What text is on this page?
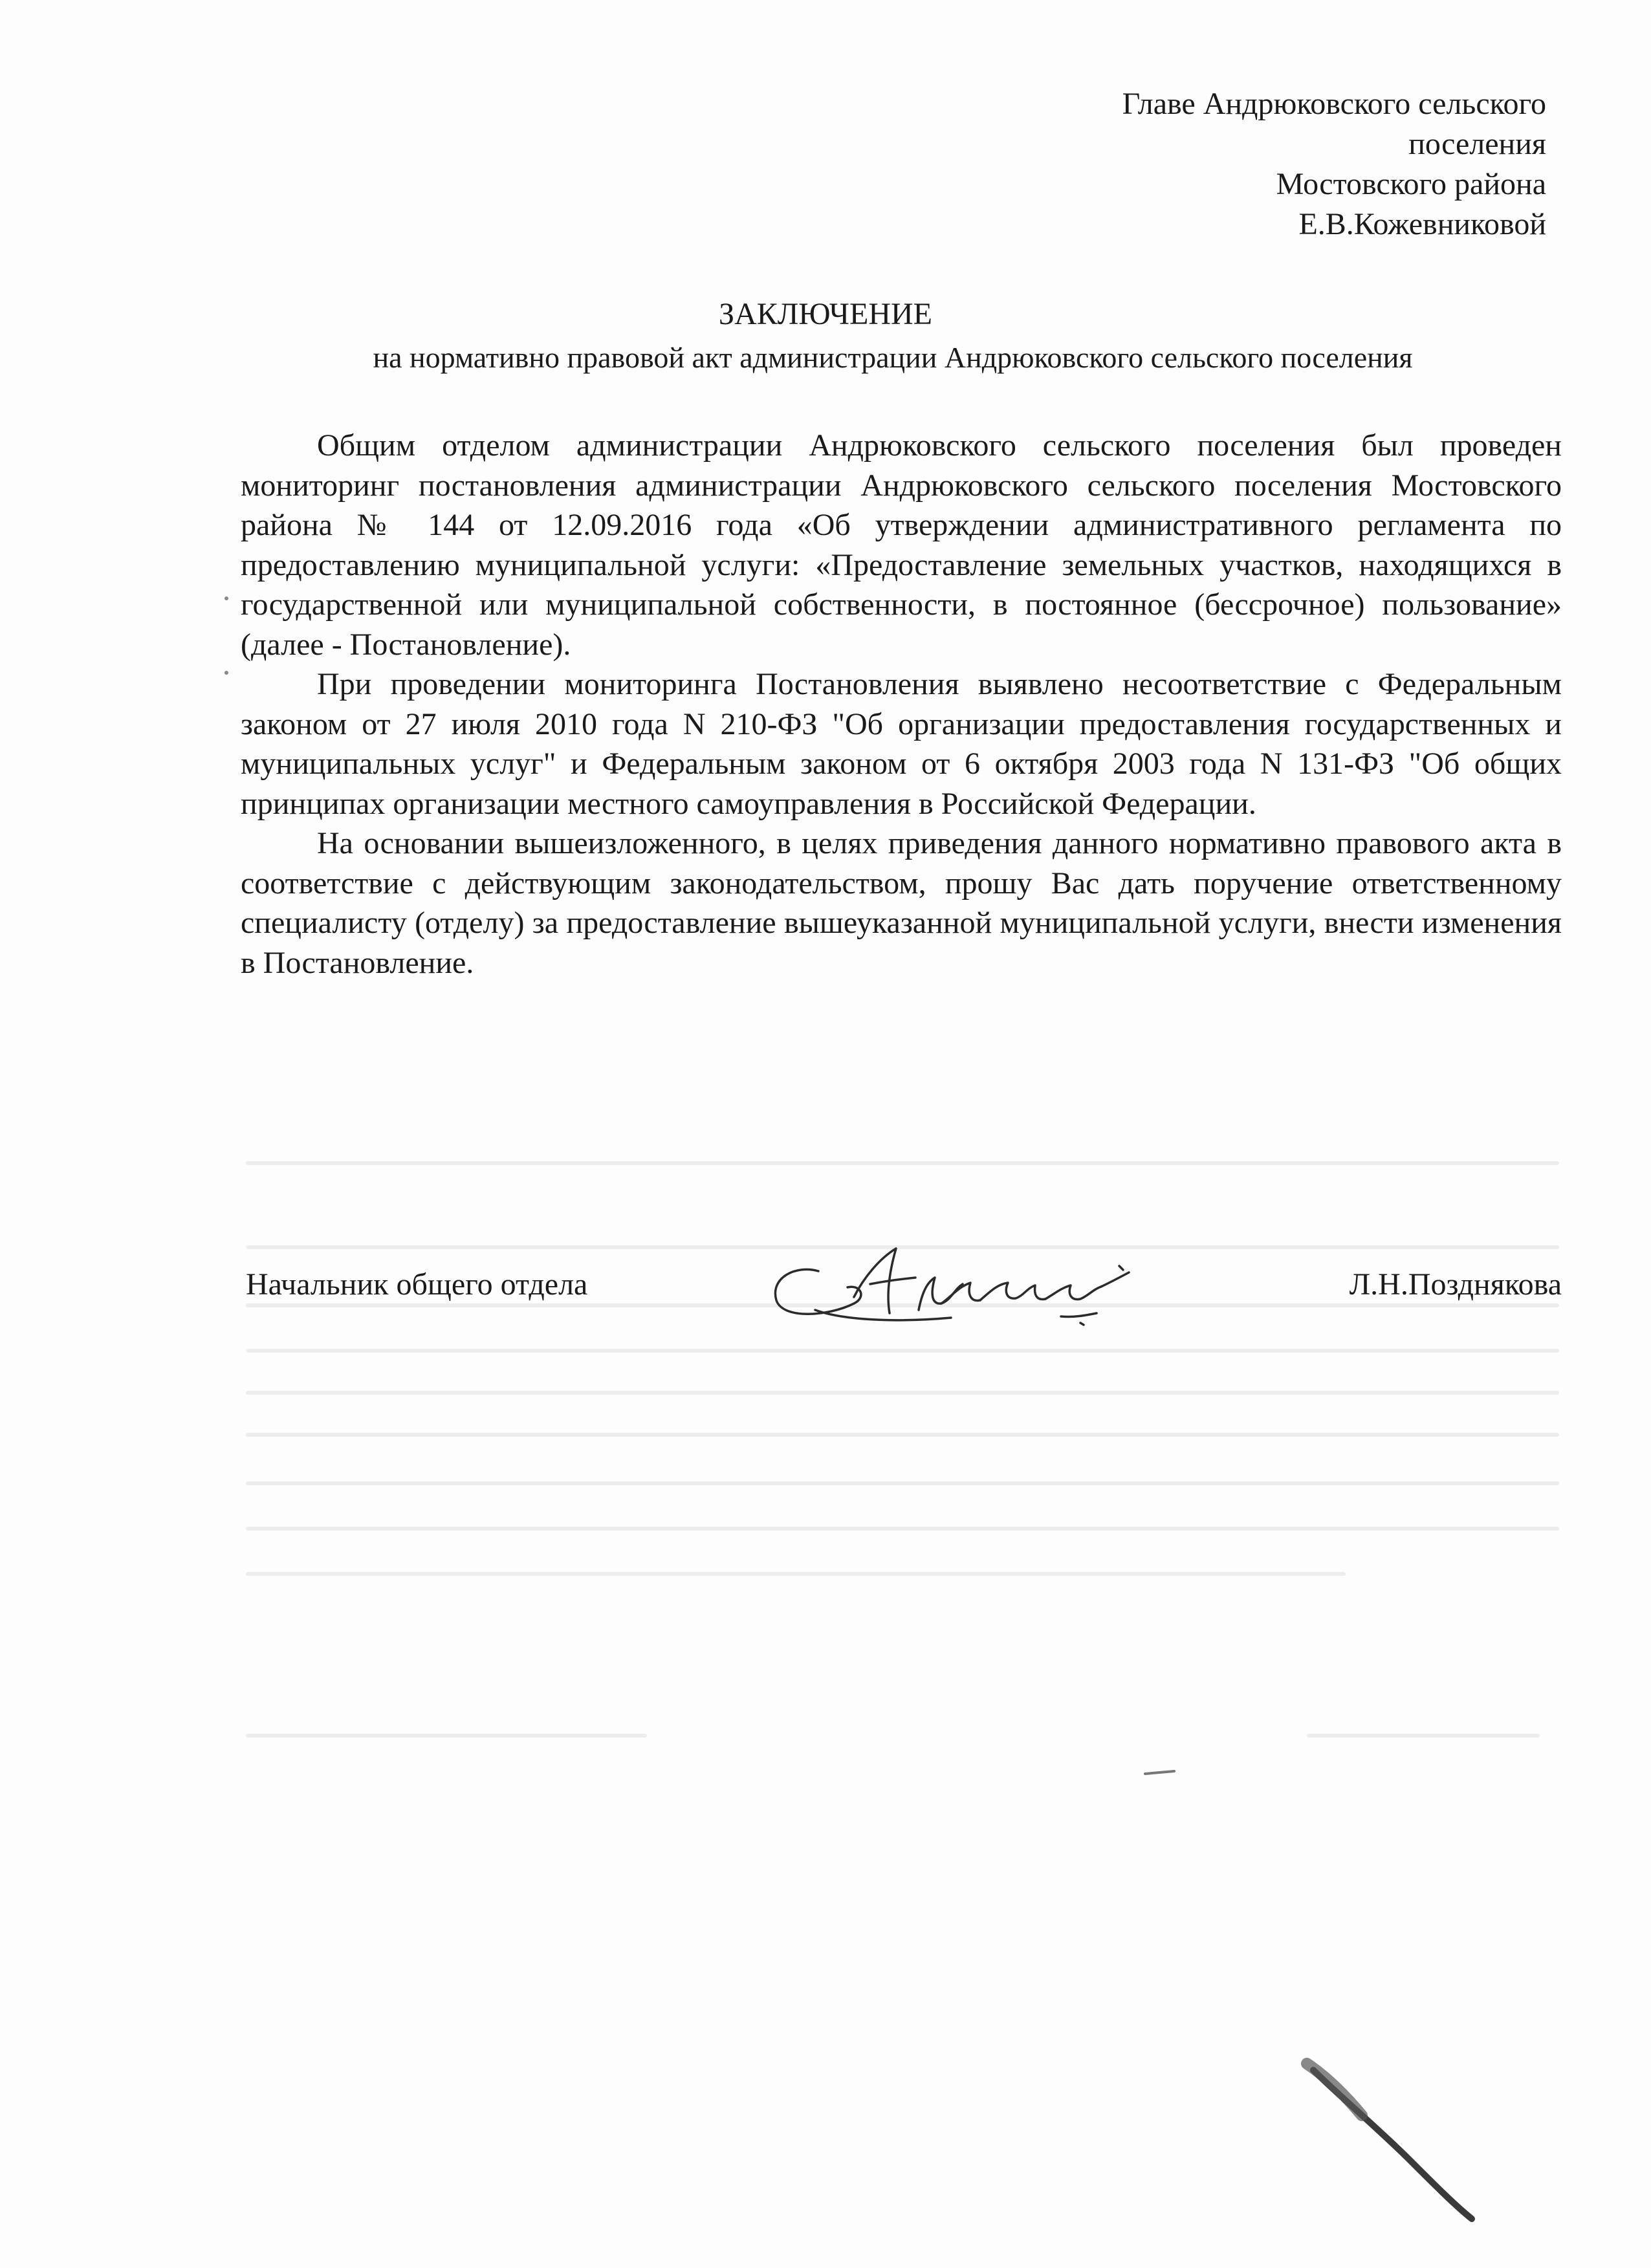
Главе Андрюковского сельского
поселения
Мостовского района
Е.В.Кожевниковой
ЗАКЛЮЧЕНИЕ
на нормативно правовой акт администрации Андрюковского сельского поселения

Общим отделом администрации Андрюковского сельского поселения был проведен мониторинг постановления администрации Андрюковского сельского поселения Мостовского района № 144 от 12.09.2016 года «Об утверждении административного регламента по предоставлению муниципальной услуги: «Предоставление земельных участков, находящихся в государственной или муниципальной собственности, в постоянное (бессрочное) пользование» (далее - Постановление).

При проведении мониторинга Постановления выявлено несоответствие с Федеральным законом от 27 июля 2010 года N 210-ФЗ "Об организации предоставления государственных и муниципальных услуг" и Федеральным законом от 6 октября 2003 года N 131-ФЗ "Об общих принципах организации местного самоуправления в Российской Федерации.

На основании вышеизложенного, в целях приведения данного нормативно правового акта в соответствие с действующим законодательством, прошу Вас дать поручение ответственному специалисту (отделу) за предоставление вышеуказанной муниципальной услуги, внести изменения в Постановление.

Начальник общего отдела	Л.Н.Позднякова
